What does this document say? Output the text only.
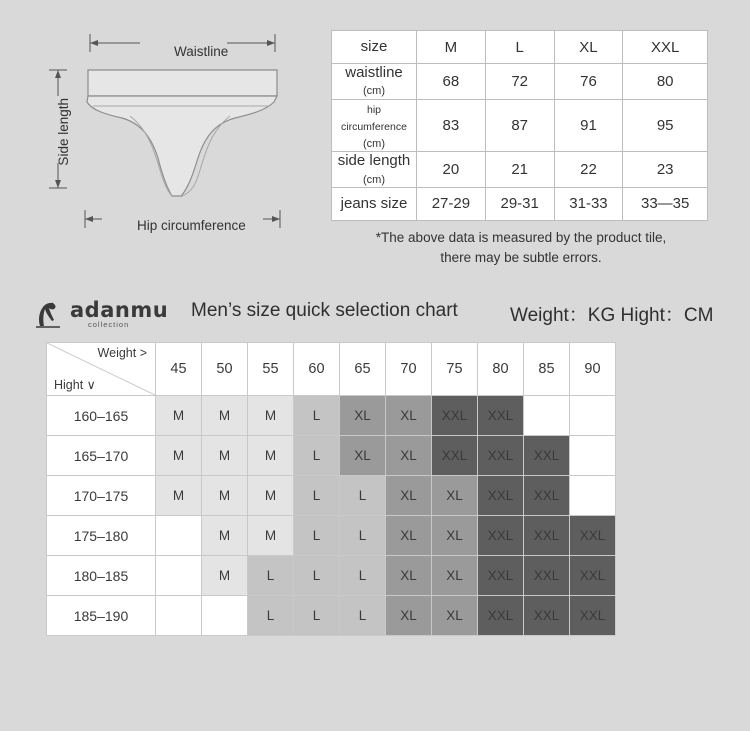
Waistline
Hip circumference
Side length
size	M	L	XL	XXL
waistline
(cm)	68	72	76	80
hip circumference
(cm)	83	87	91	95
side length
(cm)	20	21	22	23
jeans size	27-29	29-31	31-33	33—35
*The above data is measured by the product tile,
there may be subtle errors.
adanmu
collection
Men’s size quick selection chart	Weight：KG Hight：CM
Weight >
Hight ∨	45	50	55	60	65	70	75	80	85	90
160–165	M	M	M	L	XL	XL	XXL	XXL		
165–170	M	M	M	L	XL	XL	XXL	XXL	XXL	
170–175	M	M	M	L	L	XL	XL	XXL	XXL	
175–180		M	M	L	L	XL	XL	XXL	XXL	XXL
180–185		M	L	L	L	XL	XL	XXL	XXL	XXL
185–190			L	L	L	XL	XL	XXL	XXL	XXL
